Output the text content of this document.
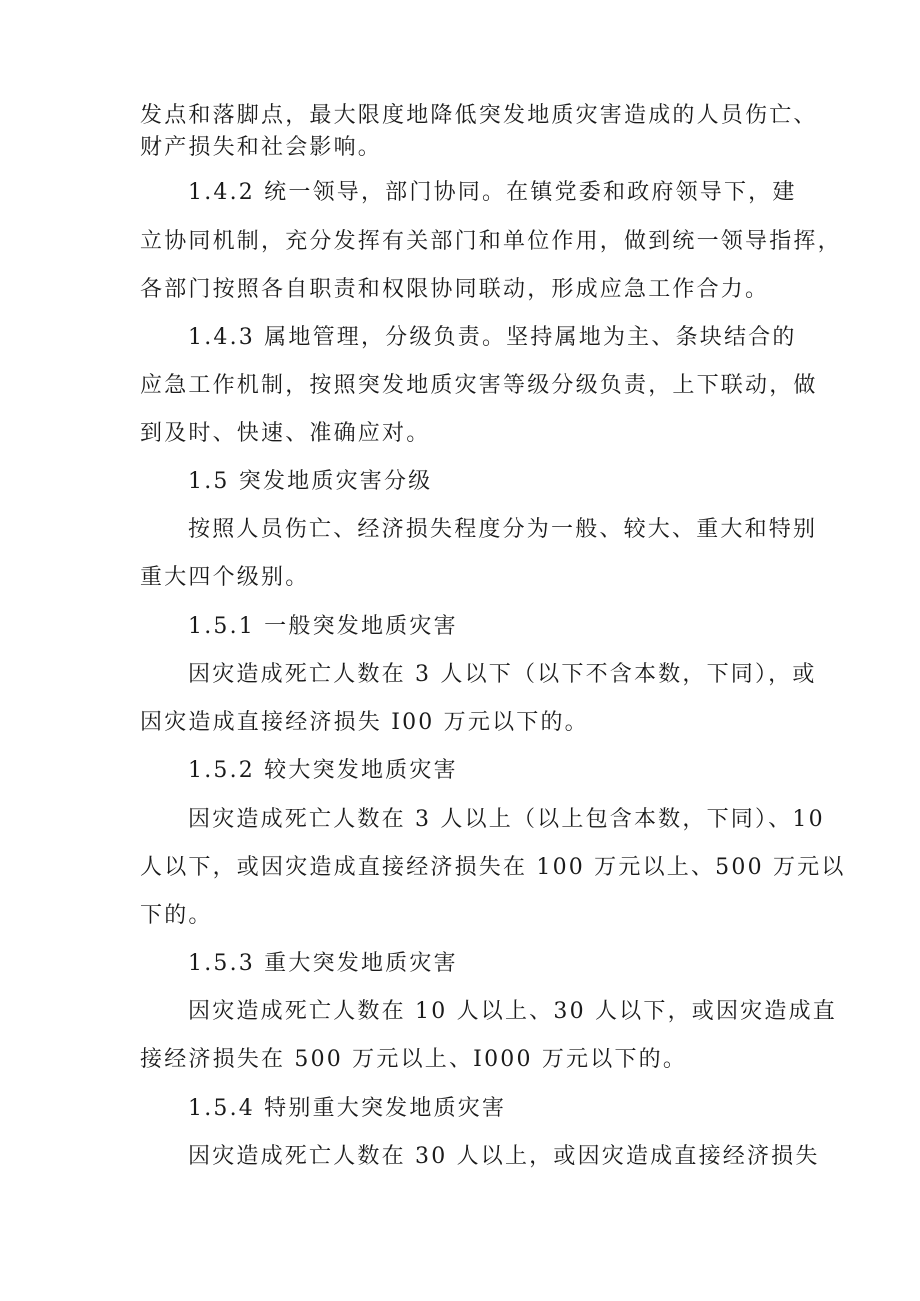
发点和落脚点，最大限度地降低突发地质灾害造成的人员伤亡、
财产损失和社会影响。
1.4.2 统一领导，部门协同。在镇党委和政府领导下，建
立协同机制，充分发挥有关部门和单位作用，做到统一领导指挥，
各部门按照各自职责和权限协同联动，形成应急工作合力。
1.4.3 属地管理，分级负责。坚持属地为主、条块结合的
应急工作机制，按照突发地质灾害等级分级负责，上下联动，做
到及时、快速、准确应对。
1.5 突发地质灾害分级
按照人员伤亡、经济损失程度分为一般、较大、重大和特别
重大四个级别。
1.5.1 一般突发地质灾害
因灾造成死亡人数在 3 人以下（以下不含本数，下同），或
因灾造成直接经济损失 I00 万元以下的。
1.5.2 较大突发地质灾害
因灾造成死亡人数在 3 人以上（以上包含本数，下同）、10
人以下，或因灾造成直接经济损失在 100 万元以上、500 万元以
下的。
1.5.3 重大突发地质灾害
因灾造成死亡人数在 10 人以上、30 人以下，或因灾造成直
接经济损失在 500 万元以上、I000 万元以下的。
1.5.4 特别重大突发地质灾害
因灾造成死亡人数在 30 人以上，或因灾造成直接经济损失
